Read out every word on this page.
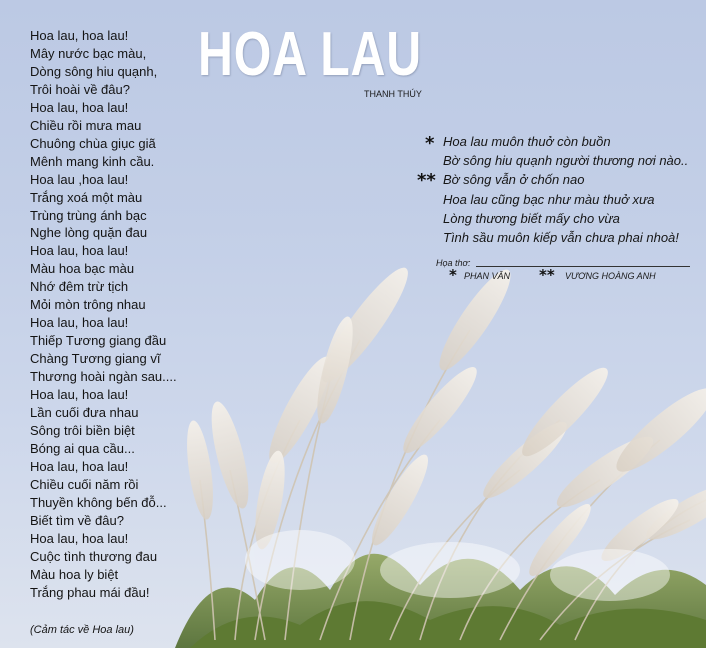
HOA LAU
THANH THÚY
Hoa lau, hoa lau!
Mây nước bạc màu,
Dòng sông hiu quạnh,
Trôi hoài về đâu?
Hoa lau, hoa lau!
Chiều rồi mưa mau
Chuông chùa giục giã
Mênh mang kinh cầu.
Hoa lau ,hoa lau!
Trắng xoá một màu
Trùng trùng ánh bạc
Nghe lòng quặn đau
Hoa lau, hoa lau!
Màu hoa bạc màu
Nhớ đêm trừ tịch
Mỏi mòn trông nhau
Hoa lau, hoa lau!
Thiếp Tương giang đầu
Chàng Tương giang vĩ
Thương hoài ngàn sau....
Hoa lau, hoa lau!
Lần cuối đưa nhau
Sông trôi biền biệt
Bóng ai qua cầu...
Hoa lau, hoa lau!
Chiều cuối năm rồi
Thuyền không bến đỗ...
Biết tìm về đâu?
Hoa lau, hoa lau!
Cuộc tình thương đau
Màu hoa ly biệt
Trắng phau mái đầu!
(Cảm tác về Hoa lau)
*
**
Hoa lau muôn thuở còn buồn
Bờ sông hiu quạnh người thương nơi nào..
Bờ sông vẫn ở chốn nao
Hoa lau cũng bạc như màu thuở xưa
Lòng thương biết mấy cho vừa
Tình sầu muôn kiếp vẫn chưa phai nhoà!
Họa thơ:
* PHAN VÂN ** VƯƠNG HOÀNG ANH
